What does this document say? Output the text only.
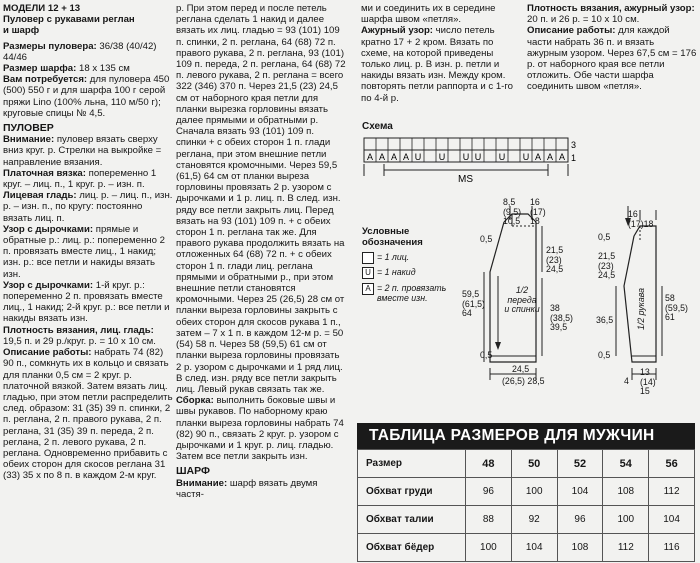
МОДЕЛИ 12 + 13

Пуловер с рукавами реглан

и шарф

Размеры пуловера: 36/38 (40/42) 44/46

Размер шарфа: 18 x 135 см

Вам потребуется: для пуловера 450 (500) 550 г и для шарфа 100 г серой пряжи Lino (100% льна, 110 м/50 г); круговые спицы № 4,5.

ПУЛОВЕР

Внимание: пуловер вязать сверху вниз круг. р. Стрелки на выкройке = направление вязания.

Платочная вязка: попеременно 1 круг. – лиц. п., 1 круг. р. – изн. п.

Лицевая гладь: лиц. р. – лиц. п., изн. р. – изн. п., по кругу: постоянно вязать лиц. п.

Узор с дырочками: прямые и обратные р.: лиц. р.: попеременно 2 п. провязать вместе лиц., 1 накид; изн. р.: все петли и накиды вязать изн.

Узор с дырочками: 1-й круг. р.: попеременно 2 п. провязать вместе лиц., 1 накид; 2-й круг. р.: все петли и накиды вязать изн.

Плотность вязания, лиц. гладь: 19,5 п. и 29 р./круг. р. = 10 x 10 см.

Описание работы: набрать 74 (82) 90 п., сомкнуть их в кольцо и связать для планки 0,5 см = 2 круг. р. платочной вязкой. Затем вязать лиц. гладью, при этом петли распределить след. образом: 31 (35) 39 п. спинки, 2 п. реглана, 2 п. правого рукава, 2 п. реглана, 31 (35) 39 п. переда, 2 п. реглана, 2 п. левого рукава, 2 п. реглана. Одновременно прибавить с обеих сторон для скосов реглана 31 (33) 35 х по 8 п. в каждом 2-м круг.

р. При этом перед и после петель реглана сделать 1 накид и далее вязать их лиц. гладью = 93 (101) 109 п. спинки, 2 п. реглана, 64 (68) 72 п. правого рукава, 2 п. реглана, 93 (101) 109 п. переда, 2 п. реглана, 64 (68) 72 п. левого рукава, 2 п. реглана = всего 322 (346) 370 п. Через 21,5 (23) 24,5 см от наборного края петли для планки вырезка горловины вязать далее прямыми и обратными р. Сначала вязать 93 (101) 109 п. спинки + с обеих сторон 1 п. глади реглана, при этом внешние петли становятся кромочными. Через 59,5 (61,5) 64 см от планки выреза горловины провязать 2 р. узором с дырочками и 1 р. лиц. п. В след. изн. ряду все петли закрыть лиц. Перед вязать на 93 (101) 109 п. + с обеих сторон 1 п. реглана так же. Для правого рукава продолжить вязать на отложенных 64 (68) 72 п. + с обеих сторон 1 п. глади лиц. реглана прямыми и обратными р., при этом внешние петли становятся кромочными. Через 25 (26,5) 28 см от планки выреза горловины закрыть с обеих сторон для скосов рукава 1 п., затем – 7 х 1 п. в каждом 12-м р. = 50 (54) 58 п. Через 58 (59,5) 61 см от планки выреза горловины провязать 2 р. узором с дырочками и 1 ряд лиц. В след. изн. ряду все петли закрыть лиц. Левый рукав связать так же.

Сборка: выполнить боковые швы и швы рукавов. По наборному краю планки выреза горловины набрать 74 (82) 90 п., связать 2 круг. р. узором с дырочками и 1 круг. р. лиц. гладью. Затем все петли закрыть изн.

ШАРФ

Внимание: шарф вязать двумя частя-

ми и соединить их в середине шарфа швом «петля».

Ажурный узор: число петель кратно 17 + 2 кром. Вязать по схеме, на которой приведены только лиц. р. В изн. р. петли и накиды вязать изн. Между кром. повторять петли раппорта и с 1-го по 4-й р.

Плотность вязания, ажурный узор: 20 п. и 26 р. = 10 x 10 см.

Описание работы: для каждой части набрать 36 п. и вязать ажурным узором. Через 67,5 см = 176 р. от наборного края все петли отложить. Обе части шарфа соединить швом «петля».

Схема
A A A A U U U U U U A A A
3
1
MS
Условные
обозначения
= 1 лиц.
U = 1 накид
A = 2 п. провязать
вместе изн.
8,5
(9,5)
10,5
16
(17)
18
0,5
21,5
(23)
24,5
59,5
(61,5)
64	38
(38,5)
39,5
1/2
переда
и спинки
0,5
24,5
(26,5) 28,5
16
(17)18
0,5
21,5
(23)
24,5
58
(59,5)
61
36,5	1/2 рукава
0,5
4
13
(14)
15
ТАБЛИЦА РАЗМЕРОВ ДЛЯ МУЖЧИН
Размер	48	50	52	54	56
Обхват груди	96	100	104	108	112
Обхват талии	88	92	96	100	104
Обхват бёдер	100	104	108	112	116
